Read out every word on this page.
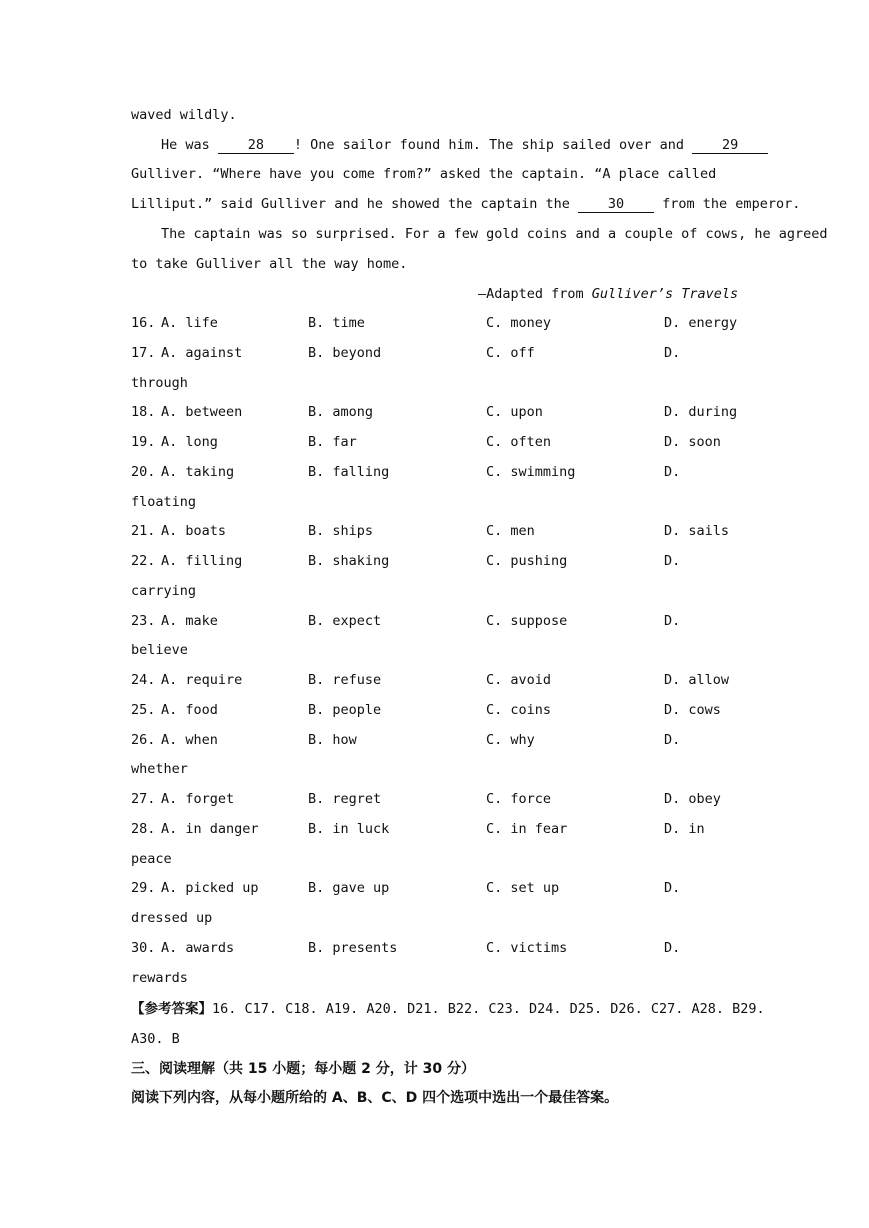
waved wildly.
He was 28 ! One sailor found him. The ship sailed over and 29
Gulliver. “Where have you come from?” asked the captain. “A place called
Lilliput.” said Gulliver and he showed the captain the 30 from the emperor.
The captain was so surprised. For a few gold coins and a couple of cows, he agreed
to take Gulliver all the way home.
—Adapted from Gulliver’s Travels
16. A. life	B. time	C. money	D. energy
17. A. against	B. beyond	C. off	D.
through
18. A. between	B. among	C. upon	D. during
19. A. long	B. far	C. often	D. soon
20. A. taking	B. falling	C. swimming	D.
floating
21. A. boats	B. ships	C. men	D. sails
22. A. filling	B. shaking	C. pushing	D.
carrying
23. A. make	B. expect	C. suppose	D.
believe
24. A. require	B. refuse	C. avoid	D. allow
25. A. food	B. people	C. coins	D. cows
26. A. when	B. how	C. why	D.
whether
27. A. forget	B. regret	C. force	D. obey
28. A. in danger	B. in luck	C. in fear	D. in
peace
29. A. picked up	B. gave up	C. set up	D.
dressed up
30. A. awards	B. presents	C. victims	D.
rewards
【参考答案】16. C17. C18. A19. A20. D21. B22. C23. D24. D25. D26. C27. A28. B29.
A30. B
三、阅读理解（共 15 小题；每小题 2 分，计 30 分）
阅读下列内容，从每小题所给的 A、B、C、D 四个选项中选出一个最佳答案。
